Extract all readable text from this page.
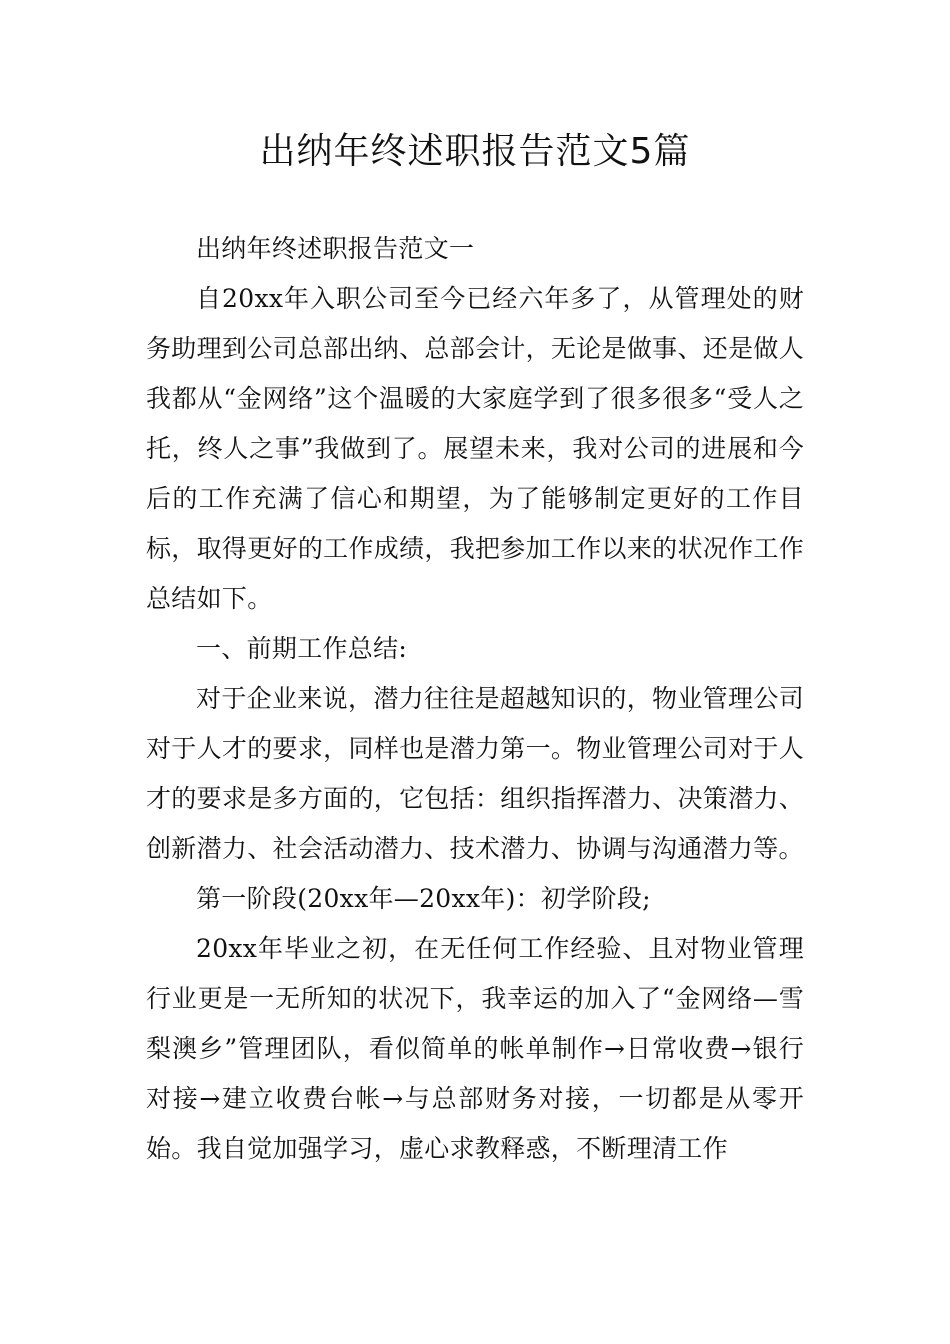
出纳年终述职报告范文5篇

出纳年终述职报告范文一

自20xx年入职公司至今已经六年多了，从管理处的财务助理到公司总部出纳、总部会计，无论是做事、还是做人我都从“金网络”这个温暖的大家庭学到了很多很多“受人之托，终人之事”我做到了。展望未来，我对公司的进展和今后的工作充满了信心和期望，为了能够制定更好的工作目标，取得更好的工作成绩，我把参加工作以来的状况作工作总结如下。

一、前期工作总结:

对于企业来说，潜力往往是超越知识的，物业管理公司对于人才的要求，同样也是潜力第一。物业管理公司对于人才的要求是多方面的，它包括：组织指挥潜力、决策潜力、创新潜力、社会活动潜力、技术潜力、协调与沟通潜力等。

第一阶段(20xx年—20xx年)：初学阶段;

20xx年毕业之初，在无任何工作经验、且对物业管理行业更是一无所知的状况下，我幸运的加入了“金网络—雪梨澳乡”管理团队，看似简单的帐单制作→日常收费→银行对接→建立收费台帐→与总部财务对接，一切都是从零开始。我自觉加强学习，虚心求教释惑，不断理清工作
